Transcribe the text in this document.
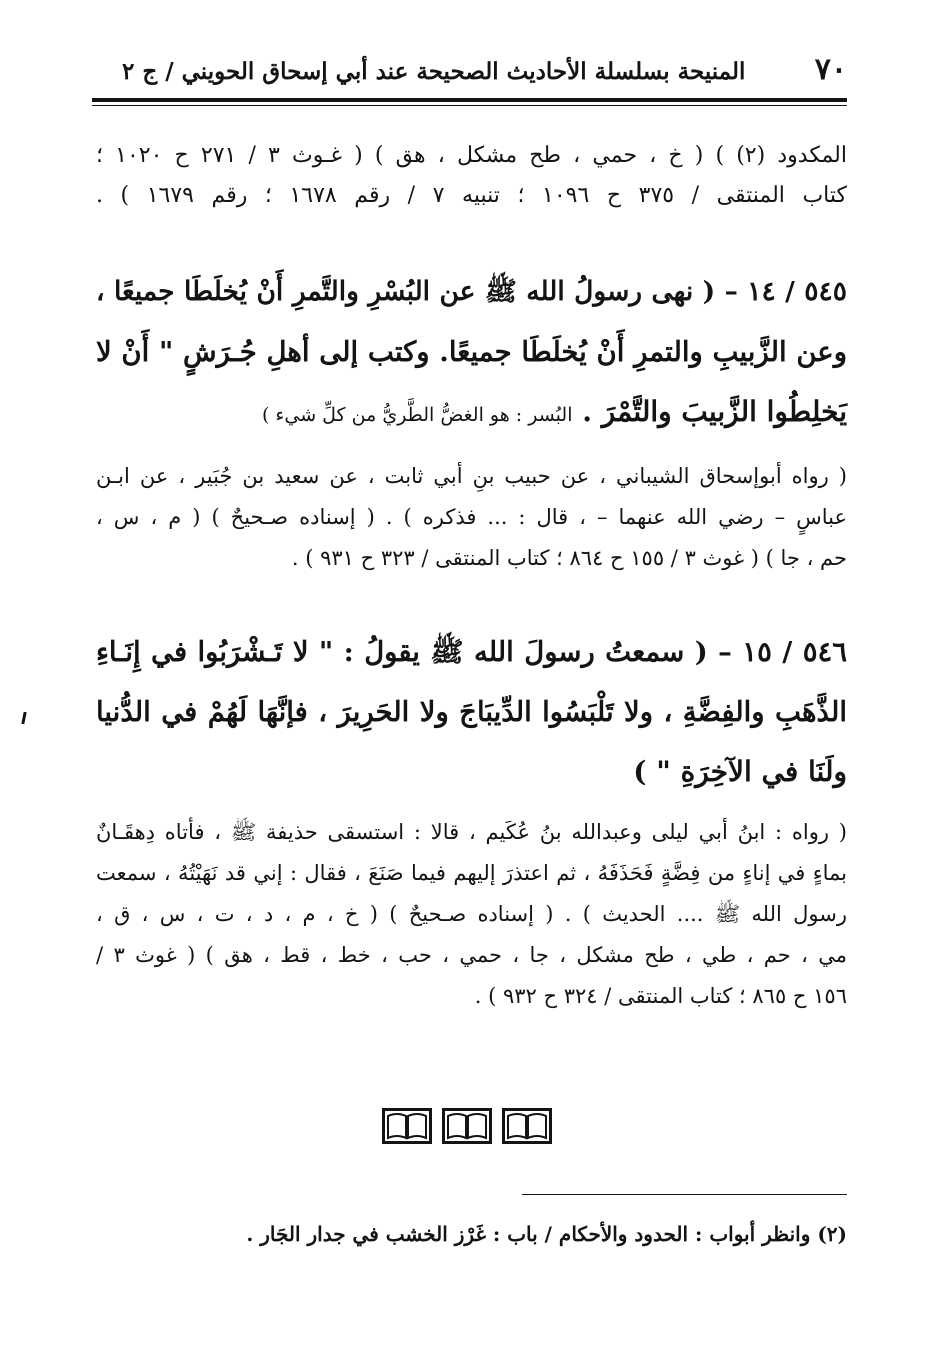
٧٠
المنيحة بسلسلة الأحاديث الصحيحة عند أبي إسحاق الحويني / ج ٢
المكدود (٢) ) ( خ ، حمي ، طح مشكل ، هق ) ( غـوث ٣ / ٢٧١ ح ١٠٢٠ ؛
كتاب المنتقى / ٣٧٥ ح ١٠٩٦ ؛ تنبيه ٧ / رقم ١٦٧٨ ؛ رقم ١٦٧٩ ) .
٥٤٥ / ١٤ – ( نهى رسولُ الله ﷺ عن البُسْرِ والتَّمرِ أَنْ يُخلَطَا جميعًا ،
وعن الزَّبيبِ والتمرِ أَنْ يُخلَطَا جميعًا. وكتب إلى أهلِ جُـرَشٍ " أَنْ لا
يَخلِطُوا الزَّبيبَ والتَّمْرَ . البُسر : هو الغضُّ الطَّريُّ من كلِّ شيء )
( رواه أبوإسحاق الشيباني ، عن حبيب بنِ أبي ثابت ، عن سعيد بن جُبَير ، عن ابـن
عباسٍ – رضي الله عنهما – ، قال : ... فذكره ) . ( إسناده صـحيحٌ ) ( م ، س ،
حم ، جا ) ( غوث ٣ / ١٥٥ ح ٨٦٤ ؛ كتاب المنتقى / ٣٢٣ ح ٩٣١ ) .
٥٤٦ / ١٥ – ( سمعتُ رسولَ الله ﷺ يقولُ : " لا تَـشْرَبُوا في إِنَـاءِ
الذَّهَبِ والفِضَّةِ ، ولا تَلْبَسُوا الدِّيبَاجَ ولا الحَرِيرَ ، فإنَّهَا لَهُمْ في الدُّنيا
ولَنَا في الآخِرَةِ " )
( رواه : ابنُ أبي ليلى وعبدالله بنُ عُكَيم ، قالا : استسقى حذيفة ﷺ ، فأتاه دِهقَـانٌ
بماءٍ في إناءٍ من فِضَّةٍ فَحَذَفَهُ ، ثم اعتذرَ إليهم فيما صَنَعَ ، فقال : إني قد نَهَيْتُهُ ، سمعت
رسول الله ﷺ .... الحديث ) . ( إسناده صـحيحٌ ) ( خ ، م ، د ، ت ، س ، ق ،
مي ، حم ، طي ، طح مشكل ، جا ، حمي ، حب ، خط ، قط ، هق ) ( غوث ٣ /
١٥٦ ح ٨٦٥ ؛ كتاب المنتقى / ٣٢٤ ح ٩٣٢ ) .
(٢) وانظر أبواب : الحدود والأحكام / باب : غَرْز الخشب في جدار الجَار .
